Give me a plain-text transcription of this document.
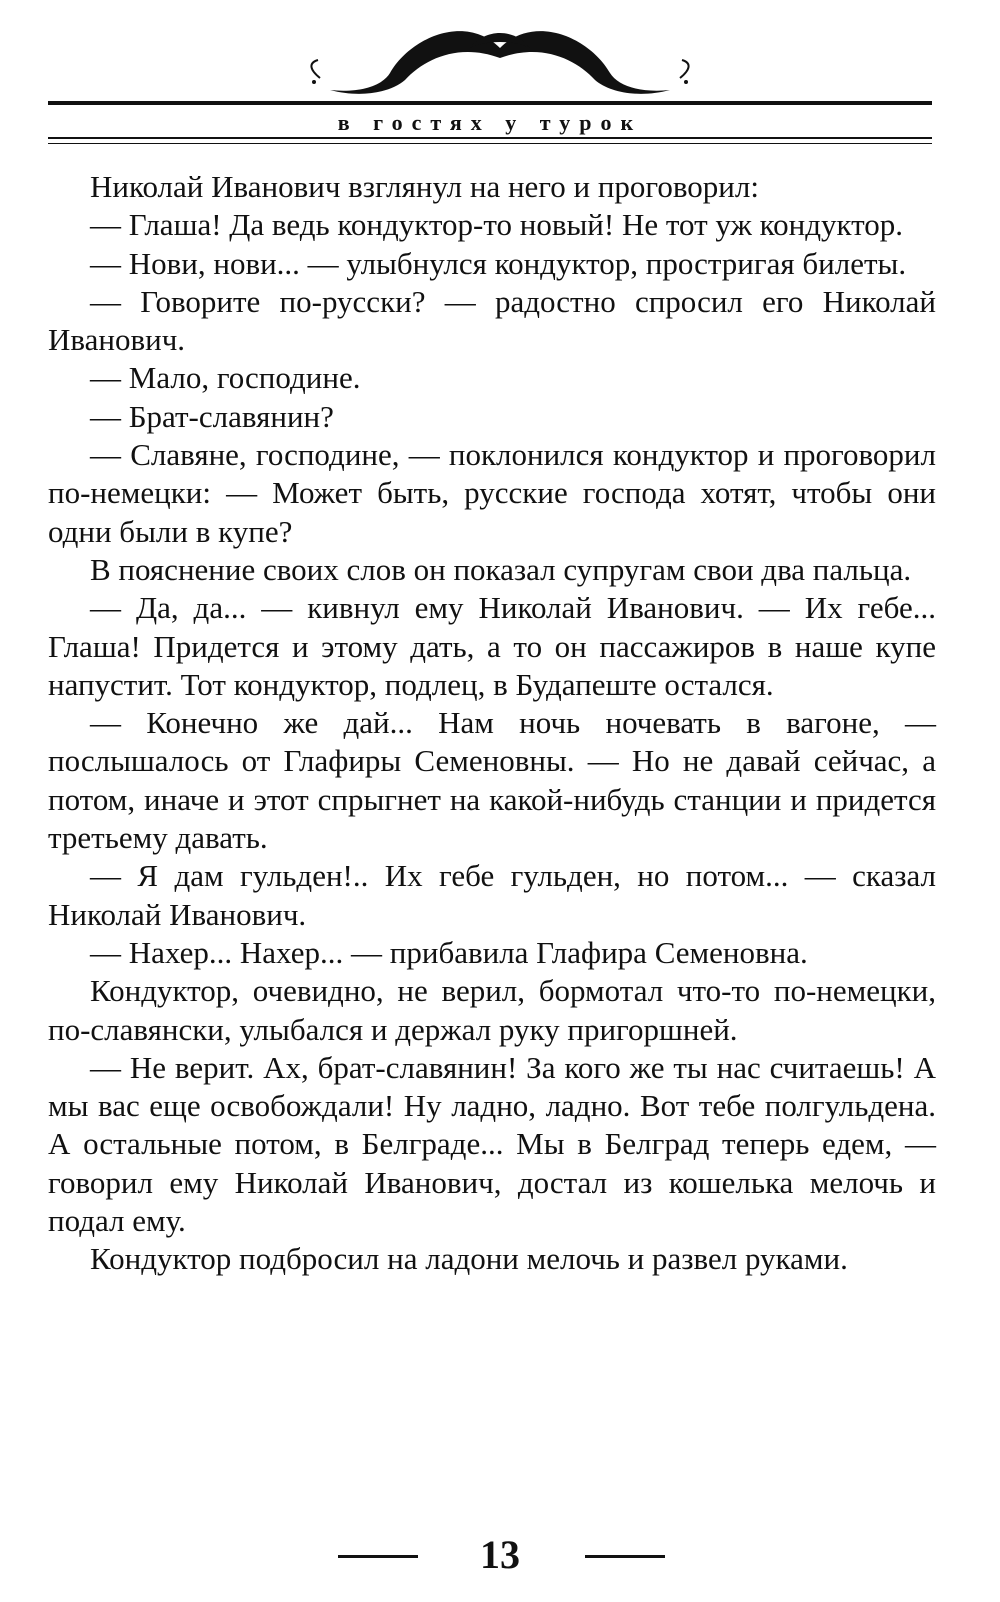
в гостях у турок

Николай Иванович взглянул на него и проговорил:

— Глаша! Да ведь кондуктор-то новый! Не тот уж кондуктор.

— Нови, нови... — улыбнулся кондуктор, простригая билеты.

— Говорите по-русски? — радостно спросил его Николай Иванович.

— Мало, господине.

— Брат-славянин?

— Славяне, господине, — поклонился кондуктор и проговорил по-немецки: — Может быть, русские господа хотят, чтобы они одни были в купе?

В пояснение своих слов он показал супругам свои два пальца.

— Да, да... — кивнул ему Николай Иванович. — Их гебе... Глаша! Придется и этому дать, а то он пассажиров в наше купе напустит. Тот кондуктор, подлец, в Будапеште остался.

— Конечно же дай... Нам ночь ночевать в вагоне, — послышалось от Глафиры Семеновны. — Но не давай сейчас, а потом, иначе и этот спрыгнет на какой-нибудь станции и придется третьему давать.

— Я дам гульден!.. Их гебе гульден, но потом... — сказал Николай Иванович.

— Нахер... Нахер... — прибавила Глафира Семеновна.

Кондуктор, очевидно, не верил, бормотал что-то по-немецки, по-славянски, улыбался и держал руку пригоршней.

— Не верит. Ах, брат-славянин! За кого же ты нас считаешь! А мы вас еще освобождали! Ну ладно, ладно. Вот тебе полгульдена. А остальные потом, в Белграде... Мы в Белград теперь едем, — говорил ему Николай Иванович, достал из кошелька мелочь и подал ему.

Кондуктор подбросил на ладони мелочь и развел руками.

13
